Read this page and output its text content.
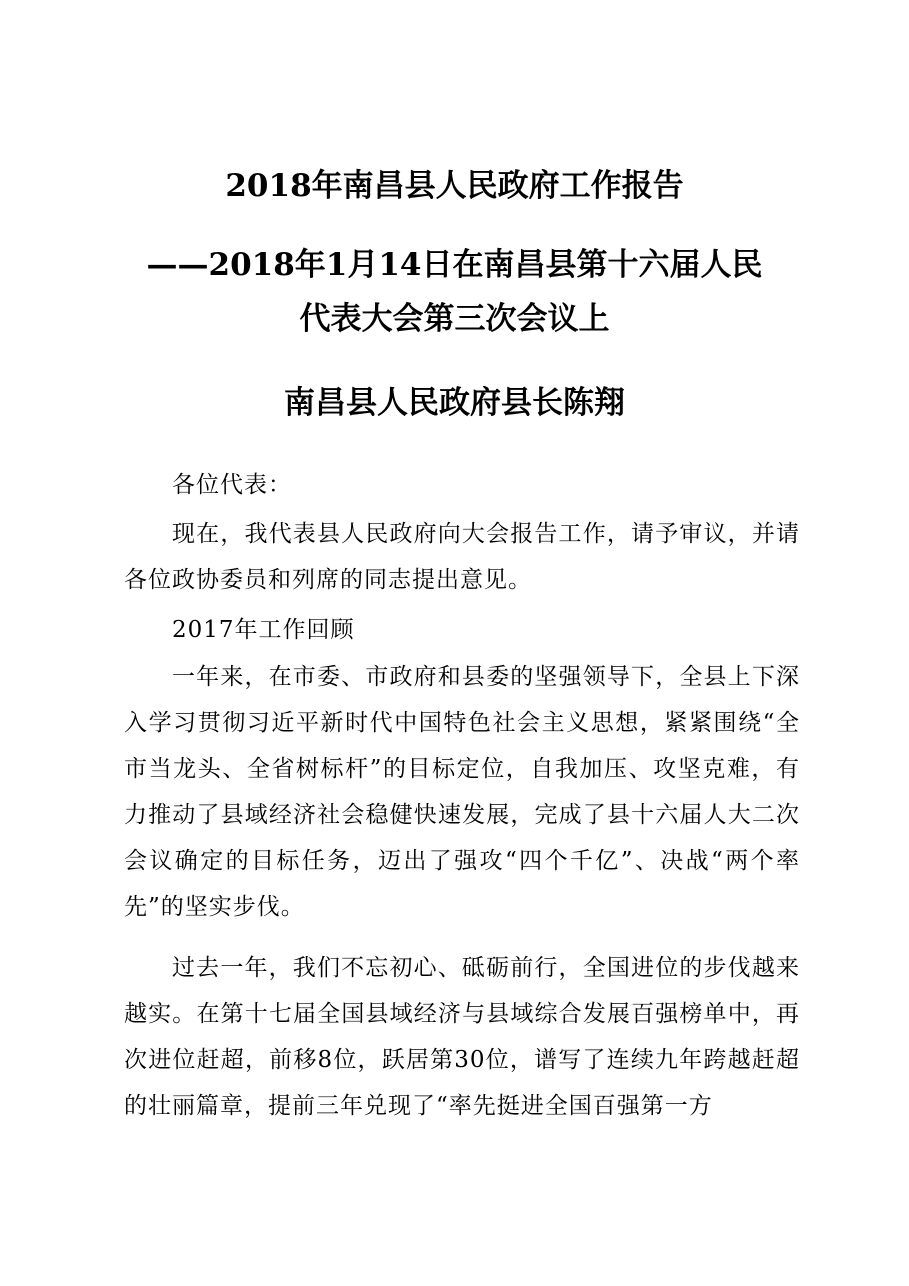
2018年南昌县人民政府工作报告
——2018年1月14日在南昌县第十六届人民
代表大会第三次会议上
南昌县人民政府县长陈翔

各位代表：

现在，我代表县人民政府向大会报告工作，请予审议，并请各位政协委员和列席的同志提出意见。

2017年工作回顾

一年来，在市委、市政府和县委的坚强领导下，全县上下深入学习贯彻习近平新时代中国特色社会主义思想，紧紧围绕“全市当龙头、全省树标杆”的目标定位，自我加压、攻坚克难，有力推动了县域经济社会稳健快速发展，完成了县十六届人大二次会议确定的目标任务，迈出了强攻“四个千亿”、决战“两个率先”的坚实步伐。

过去一年，我们不忘初心、砥砺前行，全国进位的步伐越来越实。在第十七届全国县域经济与县域综合发展百强榜单中，再次进位赶超，前移8位，跃居第30位，谱写了连续九年跨越赶超的壮丽篇章，提前三年兑现了“率先挺进全国百强第一方
